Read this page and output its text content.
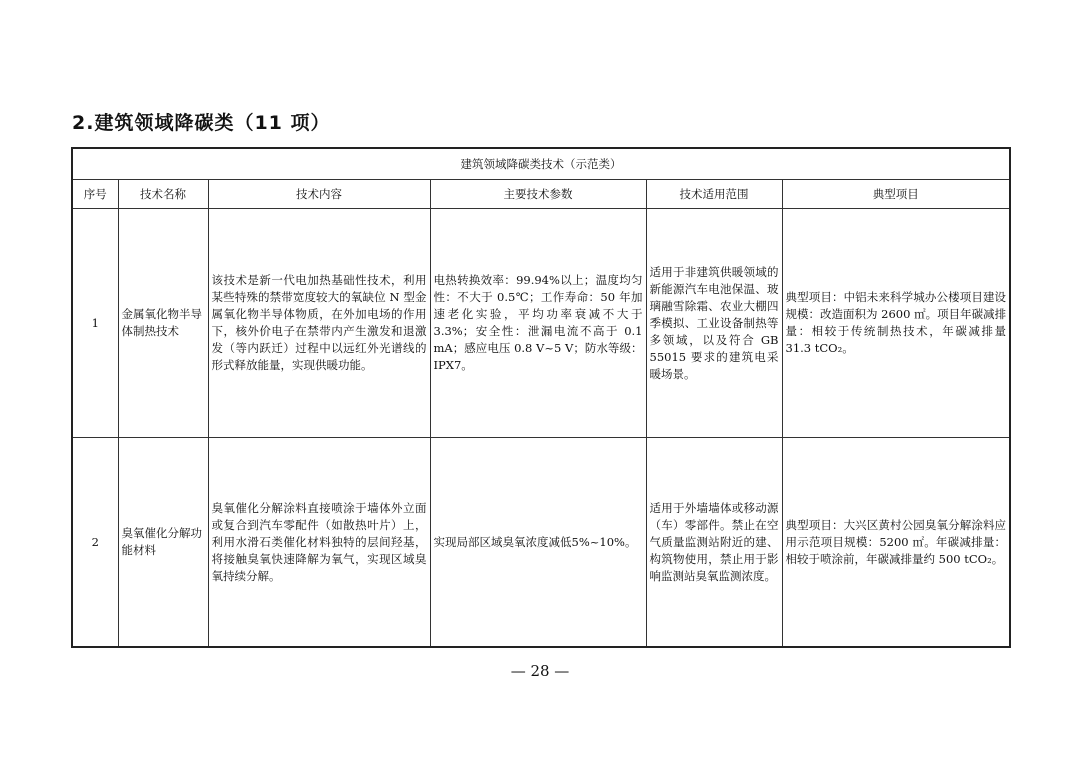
2.建筑领域降碳类（11 项）
建筑领域降碳类技术（示范类）					
序号	技术名称	技术内容	主要技术参数	技术适用范围	典型项目
1	金属氧化物半导体制热技术	该技术是新一代电加热基础性技术，利用某些特殊的禁带宽度较大的氧缺位 N 型金属氧化物半导体物质，在外加电场的作用下，核外价电子在禁带内产生激发和退激发（等内跃迁）过程中以远红外光谱线的形式释放能量，实现供暖功能。	电热转换效率：99.94%以上；温度均匀性：不大于 0.5℃；工作寿命：50 年加速老化实验，平均功率衰减不大于 3.3%；安全性：泄漏电流不高于 0.1 mA；感应电压 0.8 V~5 V；防水等级：IPX7。	适用于非建筑供暖领域的新能源汽车电池保温、玻璃融雪除霜、农业大棚四季模拟、工业设备制热等多领域，以及符合 GB 55015 要求的建筑电采暖场景。	典型项目：中铝未来科学城办公楼项目建设规模：改造面积为 2600 ㎡。项目年碳减排量：相较于传统制热技术，年碳减排量 31.3 tCO₂。
2	臭氧催化分解功能材料	臭氧催化分解涂料直接喷涂于墙体外立面或复合到汽车零配件（如散热叶片）上，利用水滑石类催化材料独特的层间羟基，将接触臭氧快速降解为氧气，实现区域臭氧持续分解。	实现局部区域臭氧浓度减低5%~10%。	适用于外墙墙体或移动源（车）零部件。禁止在空气质量监测站附近的建、构筑物使用，禁止用于影响监测站臭氧监测浓度。	典型项目：大兴区黄村公园臭氧分解涂料应用示范项目规模：5200 ㎡。年碳减排量：相较于喷涂前，年碳减排量约 500 tCO₂。
— 28 —
